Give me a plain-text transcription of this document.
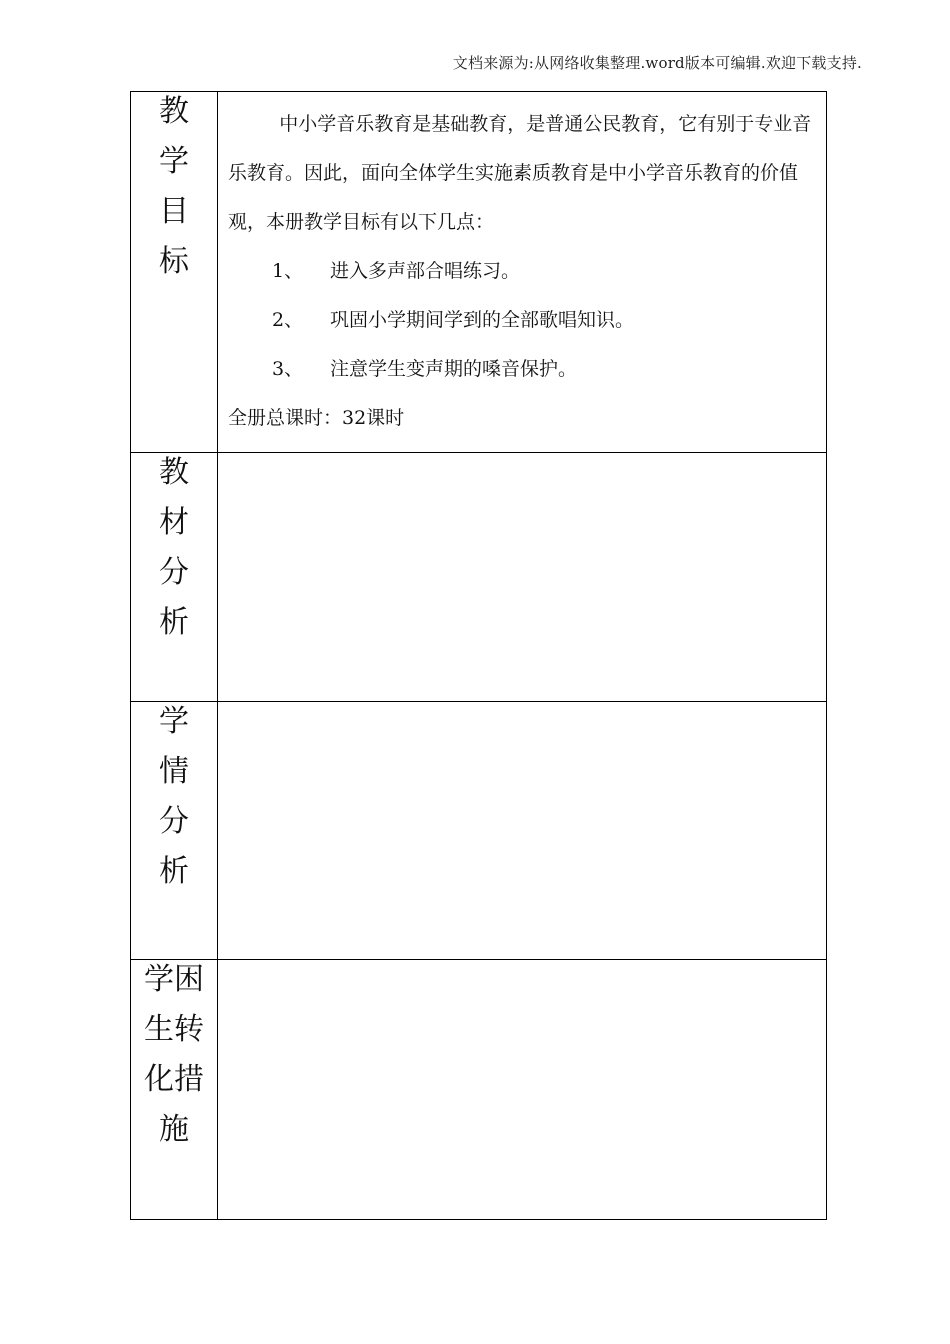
文档来源为:从网络收集整理.word版本可编辑.欢迎下载支持.
教学目标	中小学音乐教育是基础教育，是普通公民教育，它有别于专业音乐教育。因此，面向全体学生实施素质教育是中小学音乐教育的价值观，本册教学目标有以下几点：

1、 进入多声部合唱练习。

2、 巩固小学期间学到的全部歌唱知识。

3、 注意学生变声期的嗓音保护。

全册总课时：32课时

教材分析	

学情分析	

学困生转化措施	
